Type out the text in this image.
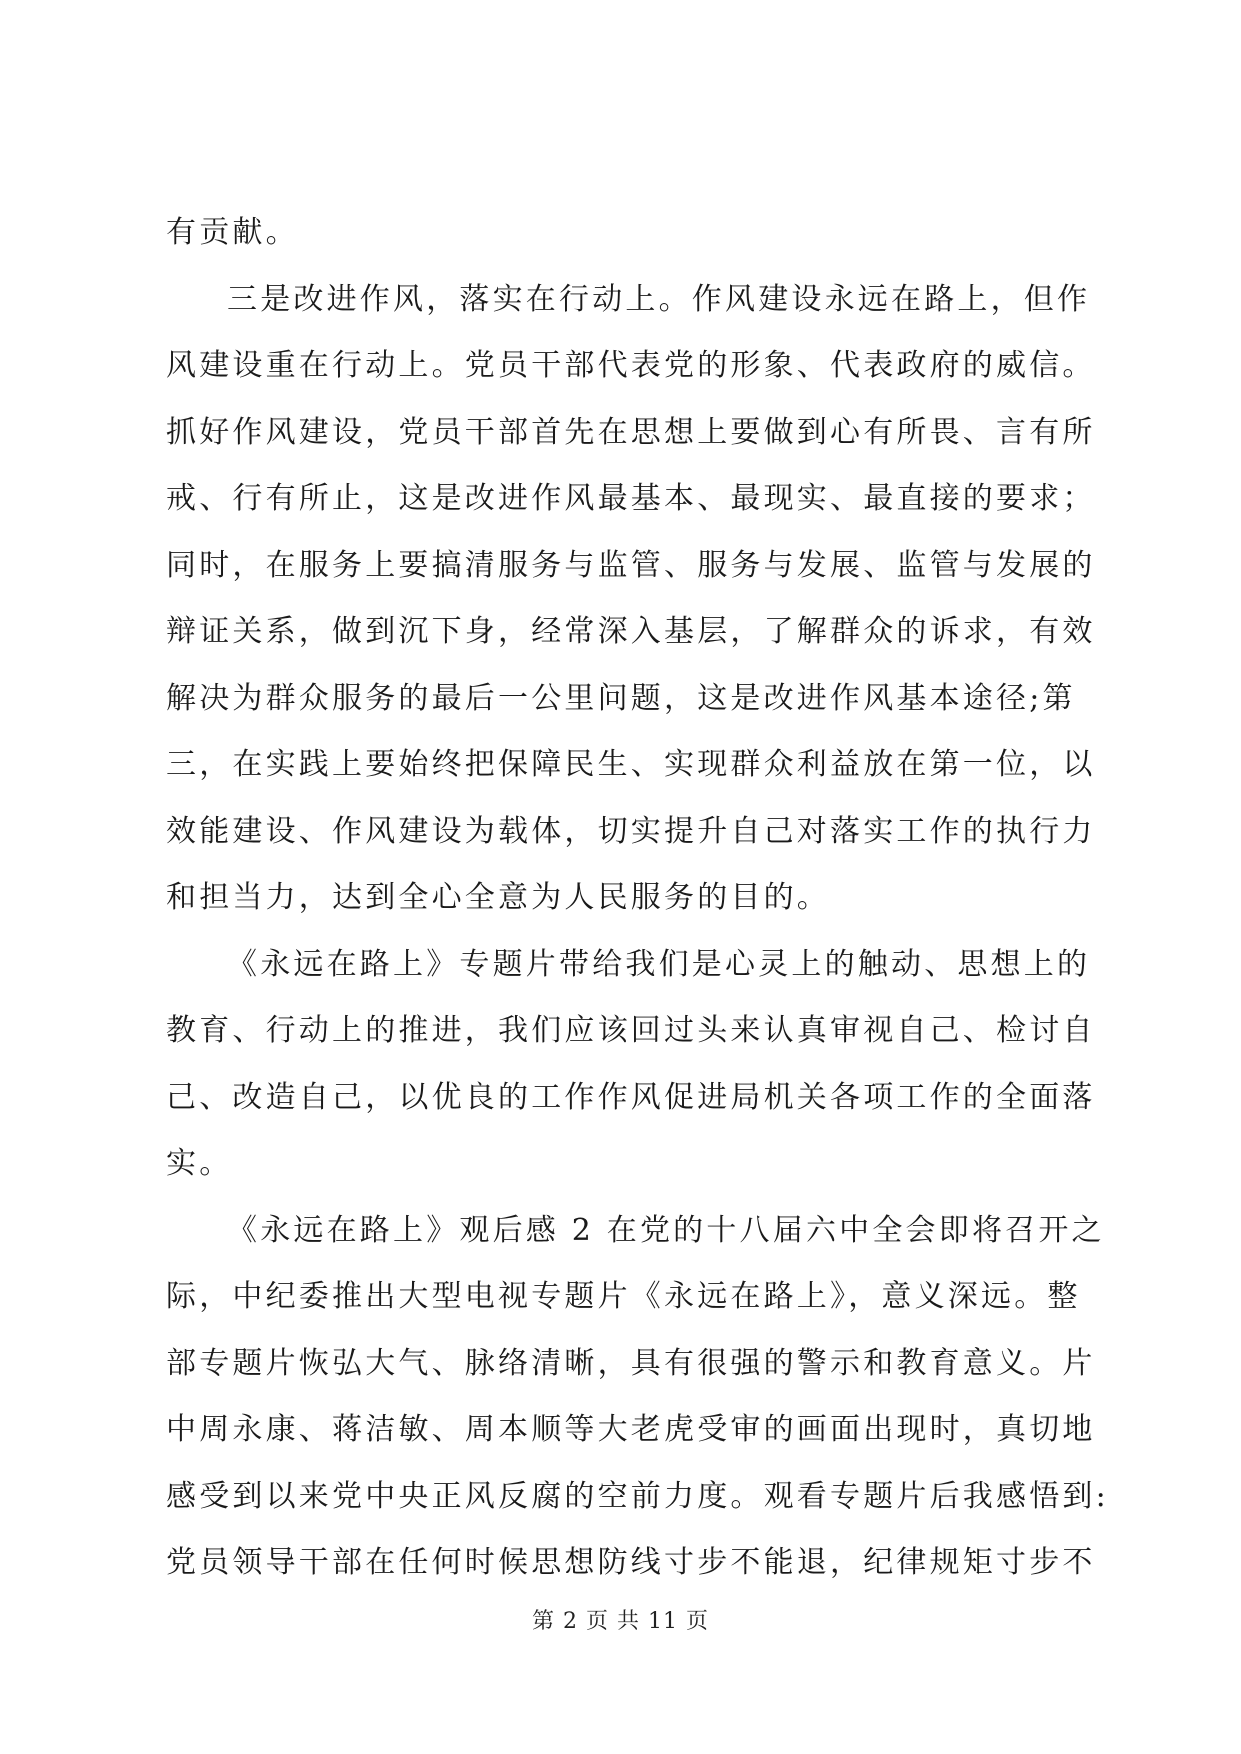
有贡献。
三是改进作风，落实在行动上。作风建设永远在路上，但作
风建设重在行动上。党员干部代表党的形象、代表政府的威信。
抓好作风建设，党员干部首先在思想上要做到心有所畏、言有所
戒、行有所止，这是改进作风最基本、最现实、最直接的要求；
同时，在服务上要搞清服务与监管、服务与发展、监管与发展的
辩证关系，做到沉下身，经常深入基层，了解群众的诉求，有效
解决为群众服务的最后一公里问题，这是改进作风基本途径;第
三，在实践上要始终把保障民生、实现群众利益放在第一位，以
效能建设、作风建设为载体，切实提升自己对落实工作的执行力
和担当力，达到全心全意为人民服务的目的。
《永远在路上》专题片带给我们是心灵上的触动、思想上的
教育、行动上的推进，我们应该回过头来认真审视自己、检讨自
己、改造自己，以优良的工作作风促进局机关各项工作的全面落
实。
《永远在路上》观后感 2 在党的十八届六中全会即将召开之
际，中纪委推出大型电视专题片《永远在路上》，意义深远。整
部专题片恢弘大气、脉络清晰，具有很强的警示和教育意义。片
中周永康、蒋洁敏、周本顺等大老虎受审的画面出现时，真切地
感受到以来党中央正风反腐的空前力度。观看专题片后我感悟到:
党员领导干部在任何时候思想防线寸步不能退，纪律规矩寸步不
第 2 页 共 11 页
